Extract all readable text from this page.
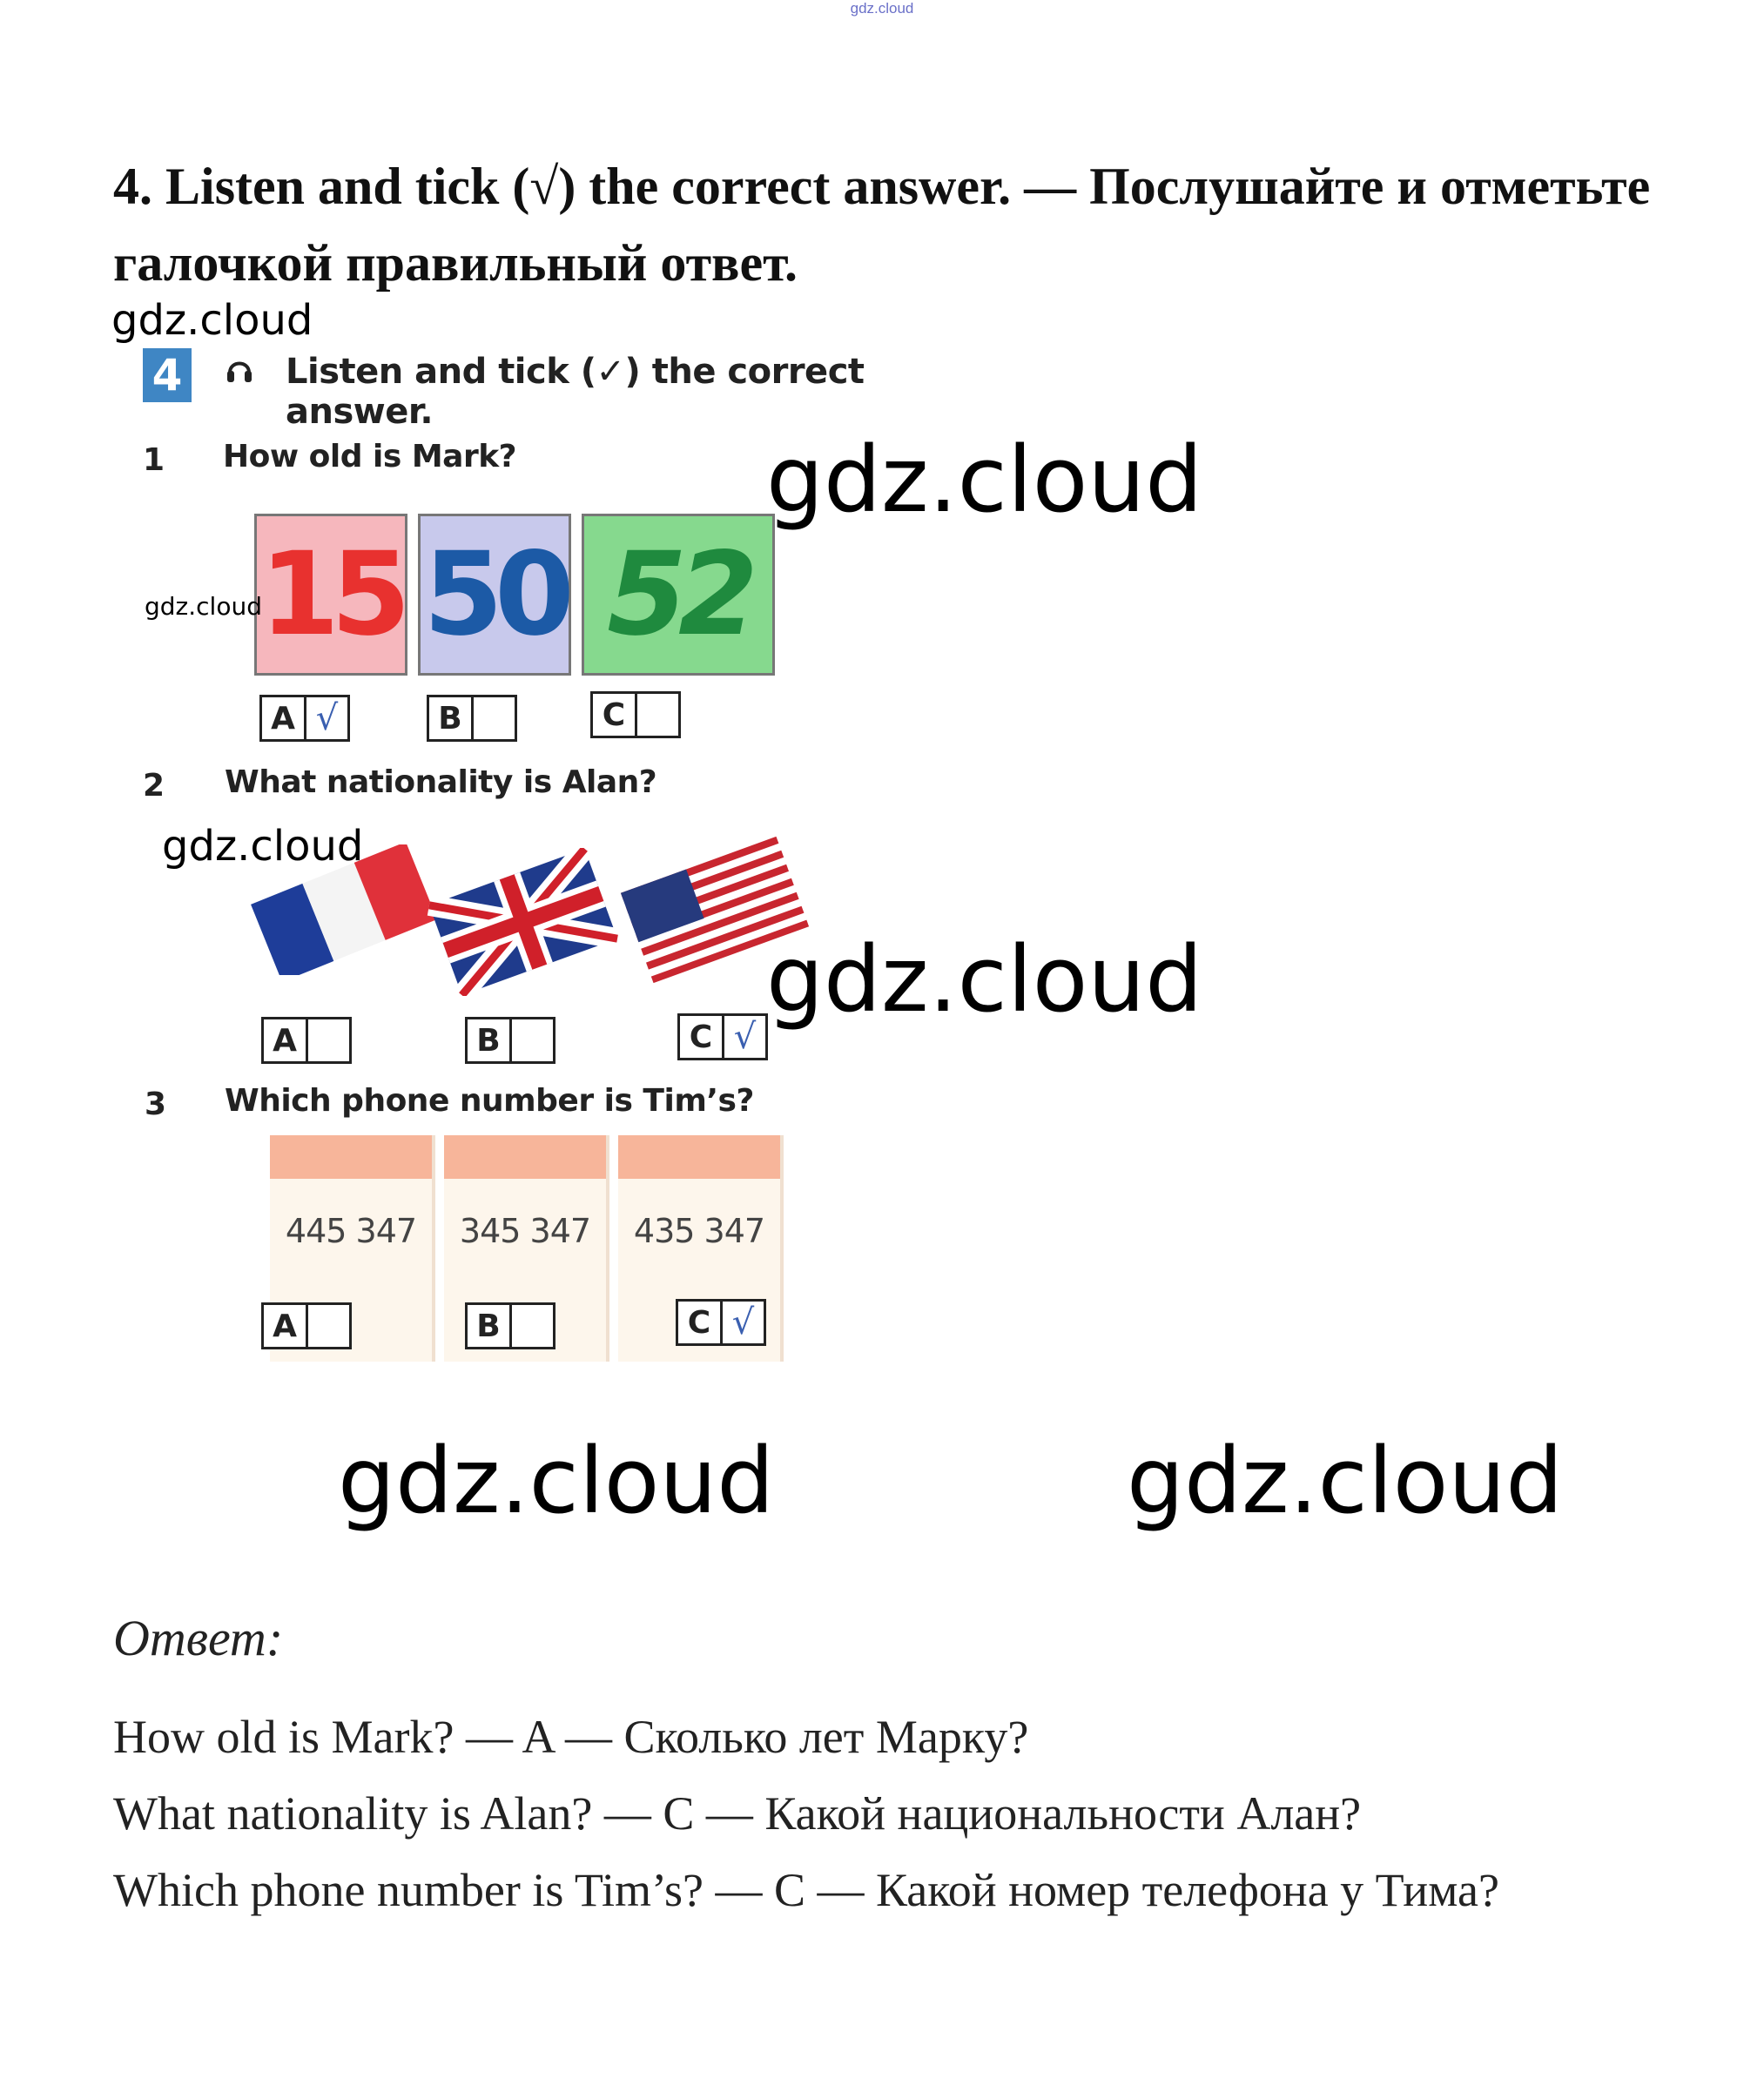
gdz.cloud
4. Listen and tick (√) the correct answer. — Послушайте и отметьте галочкой правильный ответ.
gdz.cloud
4	Listen and tick (✓) the correct answer.
1 How old is Mark?
15 50 52
A √	B	C
2 What nationality is Alan?
A	B	C √
3 Which phone number is Tim’s?
445 347	345 347	435 347
A	B	C √
gdz.cloud
gdz.cloud
gdz.cloud
gdz.cloud
gdz.cloud	gdz.cloud
Ответ:
How old is Mark? — A — Сколько лет Марку?
What nationality is Alan? — C — Какой национальности Алан?
Which phone number is Tim’s? — C — Какой номер телефона у Тима?
